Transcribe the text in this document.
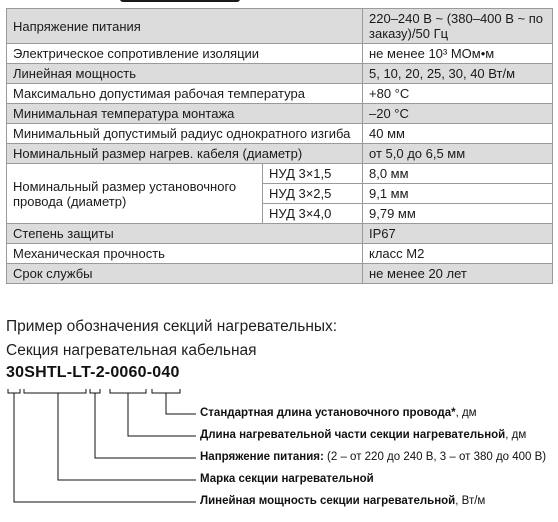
Напряжение питания		220–240 В ~ (380–400 В ~ по заказу)/50 Гц
Электрическое сопротивление изоляции		не менее 10³ МОм•м
Линейная мощность		5, 10, 20, 25, 30, 40 Вт/м
Максимально допустимая рабочая температура		+80 °C
Минимальная температура монтажа		–20 °C
Минимальный допустимый радиус однократного изгиба		40 мм
Номинальный размер нагрев. кабеля (диаметр)		от 5,0 до 6,5 мм
Номинальный размер установочного провода (диаметр)	НУД 3×1,5	8,0 мм
	НУД 3×2,5	9,1 мм
	НУД 3×4,0	9,79 мм
Степень защиты		IP67
Механическая прочность		класс М2
Срок службы		не менее 20 лет
Пример обозначения секций нагревательных:
Секция нагревательная кабельная
30SHTL-LT-2-0060-040
Стандартная длина установочного провода*, дм
Длина нагревательной части секции нагревательной, дм
Напряжение питания: (2 – от 220 до 240 В, 3 – от 380 до 400 В)
Марка секции нагревательной
Линейная мощность секции нагревательной, Вт/м
